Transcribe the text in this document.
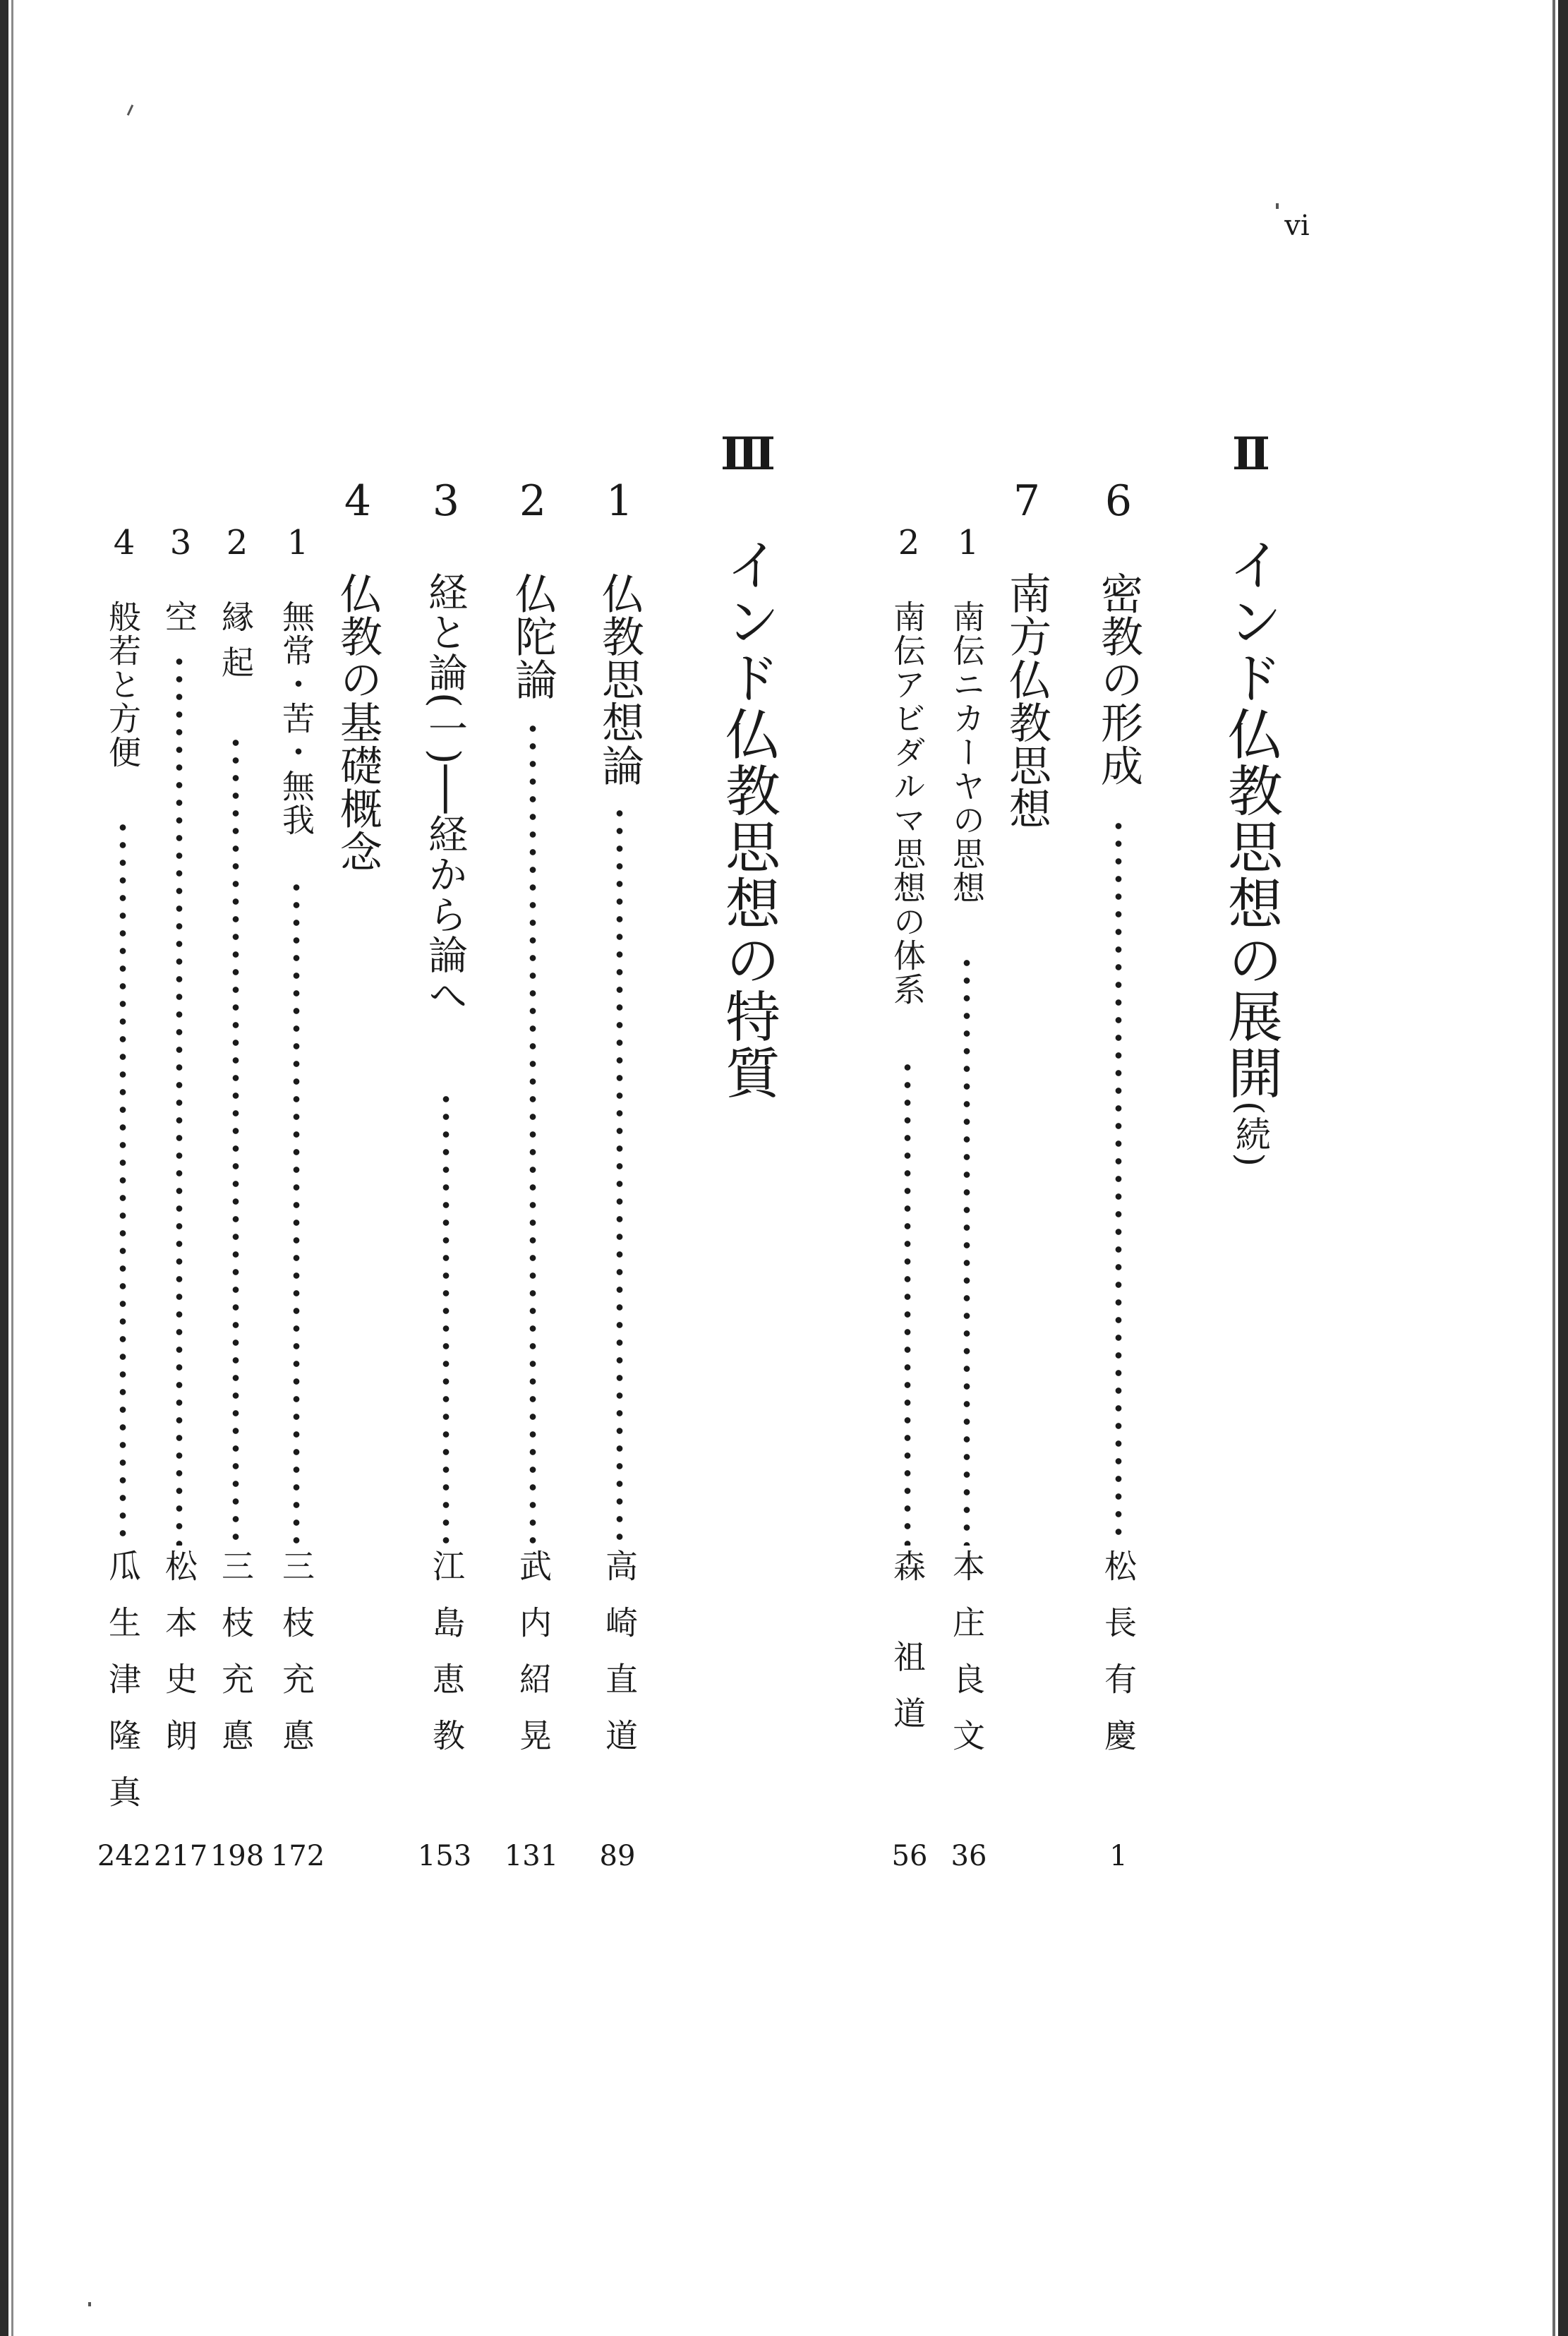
vi
Ⅱ
インド仏教思想の展開(続)
6
密教の形成
松長有慶
1
7
南方仏教思想
1
南伝ニカーヤの思想
本庄良文
36
2
南伝アビダルマ思想の体系
森 祖道
56
Ⅲ
インド仏教思想の特質
1
仏教思想論
高崎直道
89
2
仏陀論
武内紹晃
131
3
経と論(一)──経から論へ
江島恵教
153
4
仏教の基礎概念
1
無常・苦・無我
三枝充悳
172
2
縁 起
三枝充悳
198
3
空
松本史朗
217
4
般若と方便
瓜生津隆真
242
